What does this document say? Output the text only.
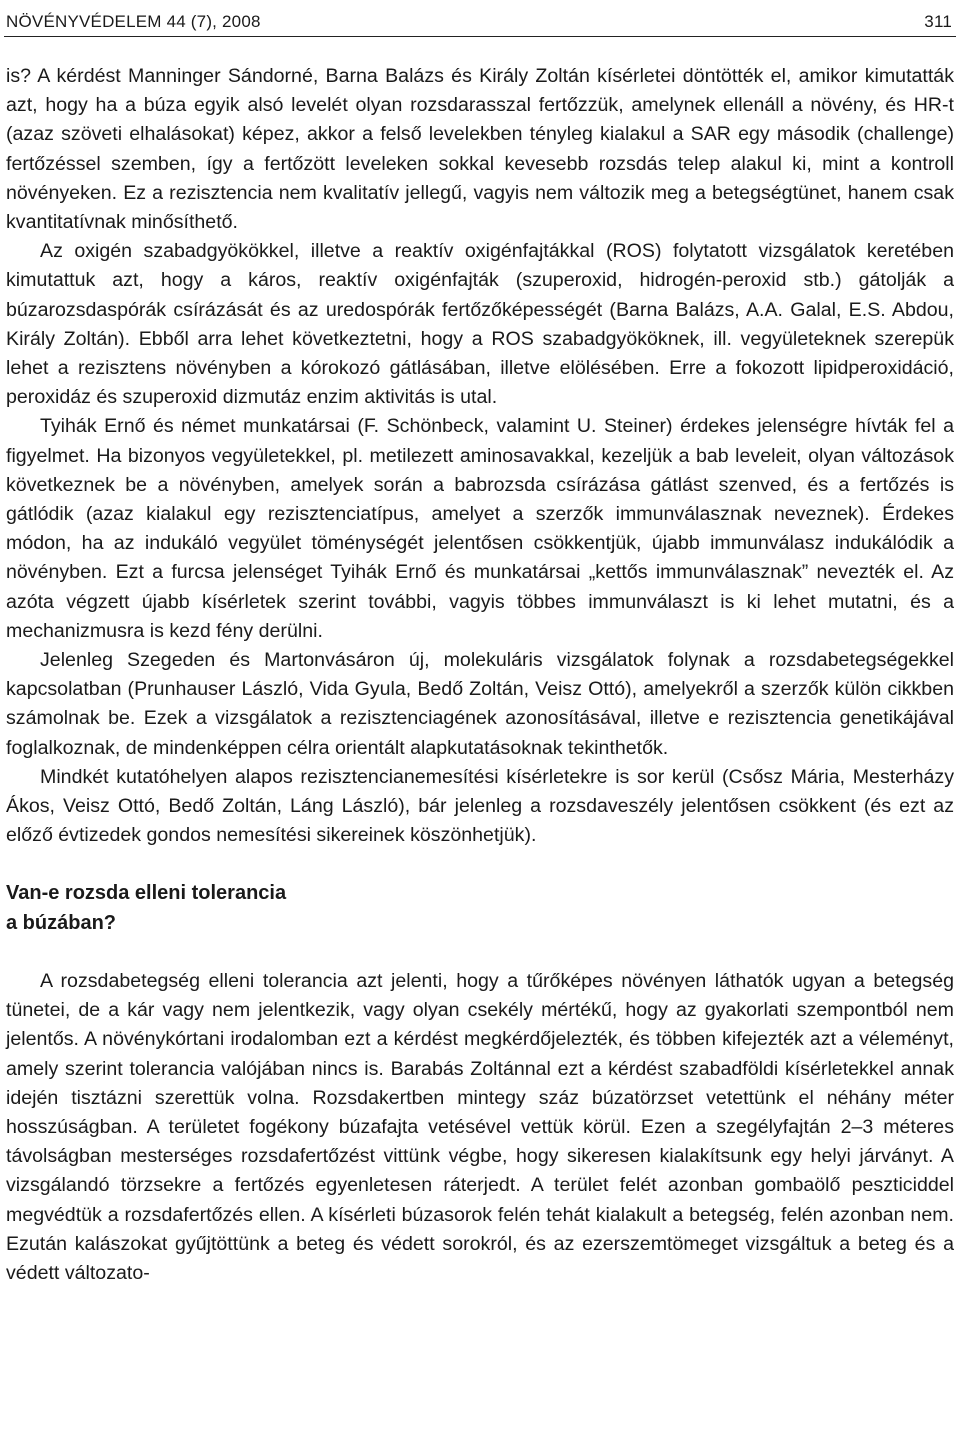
NÖVÉNYVÉDELEM 44 (7), 2008	311

is? A kérdést Manninger Sándorné, Barna Balázs és Király Zoltán kísérletei döntötték el, amikor kimutatták azt, hogy ha a búza egyik alsó levelét olyan rozsdarasszal fertőzzük, amelynek ellenáll a növény, és HR-t (azaz szöveti elhalásokat) képez, akkor a felső levelekben tényleg kialakul a SAR egy második (challenge) fertőzéssel szemben, így a fertőzött leveleken sokkal kevesebb rozsdás telep alakul ki, mint a kontroll növényeken. Ez a rezisztencia nem kvalitatív jellegű, vagyis nem változik meg a betegségtünet, hanem csak kvantitatívnak minősíthető.

Az oxigén szabadgyökökkel, illetve a reaktív oxigénfajtákkal (ROS) folytatott vizsgálatok keretében kimutattuk azt, hogy a káros, reaktív oxigénfajták (szuperoxid, hidrogén-peroxid stb.) gátolják a búzarozsdaspórák csírázását és az uredospórák fertőzőképességét (Barna Balázs, A.A. Galal, E.S. Abdou, Király Zoltán). Ebből arra lehet következtetni, hogy a ROS szabadgyököknek, ill. vegyületeknek szerepük lehet a rezisztens növényben a kórokozó gátlásában, illetve elölésében. Erre a fokozott lipidperoxidáció, peroxidáz és szuperoxid dizmutáz enzim aktivitás is utal.

Tyihák Ernő és német munkatársai (F. Schönbeck, valamint U. Steiner) érdekes jelenségre hívták fel a figyelmet. Ha bizonyos vegyületekkel, pl. metilezett aminosavakkal, kezeljük a bab leveleit, olyan változások következnek be a növényben, amelyek során a babrozsda csírázása gátlást szenved, és a fertőzés is gátlódik (azaz kialakul egy rezisztenciatípus, amelyet a szerzők immunválasznak neveznek). Érdekes módon, ha az indukáló vegyület töménységét jelentősen csökkentjük, újabb immunválasz indukálódik a növényben. Ezt a furcsa jelenséget Tyihák Ernő és munkatársai „kettős immunválasznak” nevezték el. Az azóta végzett újabb kísérletek szerint további, vagyis többes immunválaszt is ki lehet mutatni, és a mechanizmusra is kezd fény derülni.

Jelenleg Szegeden és Martonvásáron új, molekuláris vizsgálatok folynak a rozsdabetegségekkel kapcsolatban (Prunhauser László, Vida Gyula, Bedő Zoltán, Veisz Ottó), amelyekről a szerzők külön cikkben számolnak be. Ezek a vizsgálatok a rezisztenciagének azonosításával, illetve e rezisztencia genetikájával foglalkoznak, de mindenképpen célra orientált alapkutatásoknak tekinthetők.

Mindkét kutatóhelyen alapos rezisztencianemesítési kísérletekre is sor kerül (Csősz Mária, Mesterházy Ákos, Veisz Ottó, Bedő Zoltán, Láng László), bár jelenleg a rozsdaveszély jelentősen csökkent (és ezt az előző évtizedek gondos nemesítési sikereinek köszönhetjük).

Van-e rozsda elleni tolerancia
a búzában?

A rozsdabetegség elleni tolerancia azt jelenti, hogy a tűrőképes növényen láthatók ugyan a betegség tünetei, de a kár vagy nem jelentkezik, vagy olyan csekély mértékű, hogy az gyakorlati szempontból nem jelentős. A növénykórtani irodalomban ezt a kérdést megkérdőjelezték, és többen kifejezték azt a véleményt, amely szerint tolerancia valójában nincs is. Barabás Zoltánnal ezt a kérdést szabadföldi kísérletekkel annak idején tisztázni szerettük volna. Rozsdakertben mintegy száz búzatörzset vetettünk el néhány méter hosszúságban. A területet fogékony búzafajta vetésével vettük körül. Ezen a szegélyfajtán 2–3 méteres távolságban mesterséges rozsdafertőzést vittünk végbe, hogy sikeresen kialakítsunk egy helyi járványt. A vizsgálandó törzsekre a fertőzés egyenletesen ráterjedt. A terület felét azonban gombaölő peszticiddel megvédtük a rozsdafertőzés ellen. A kísérleti búzasorok felén tehát kialakult a betegség, felén azonban nem. Ezután kalászokat gyűjtöttünk a beteg és védett sorokról, és az ezerszemtömeget vizsgáltuk a beteg és a védett változato-
